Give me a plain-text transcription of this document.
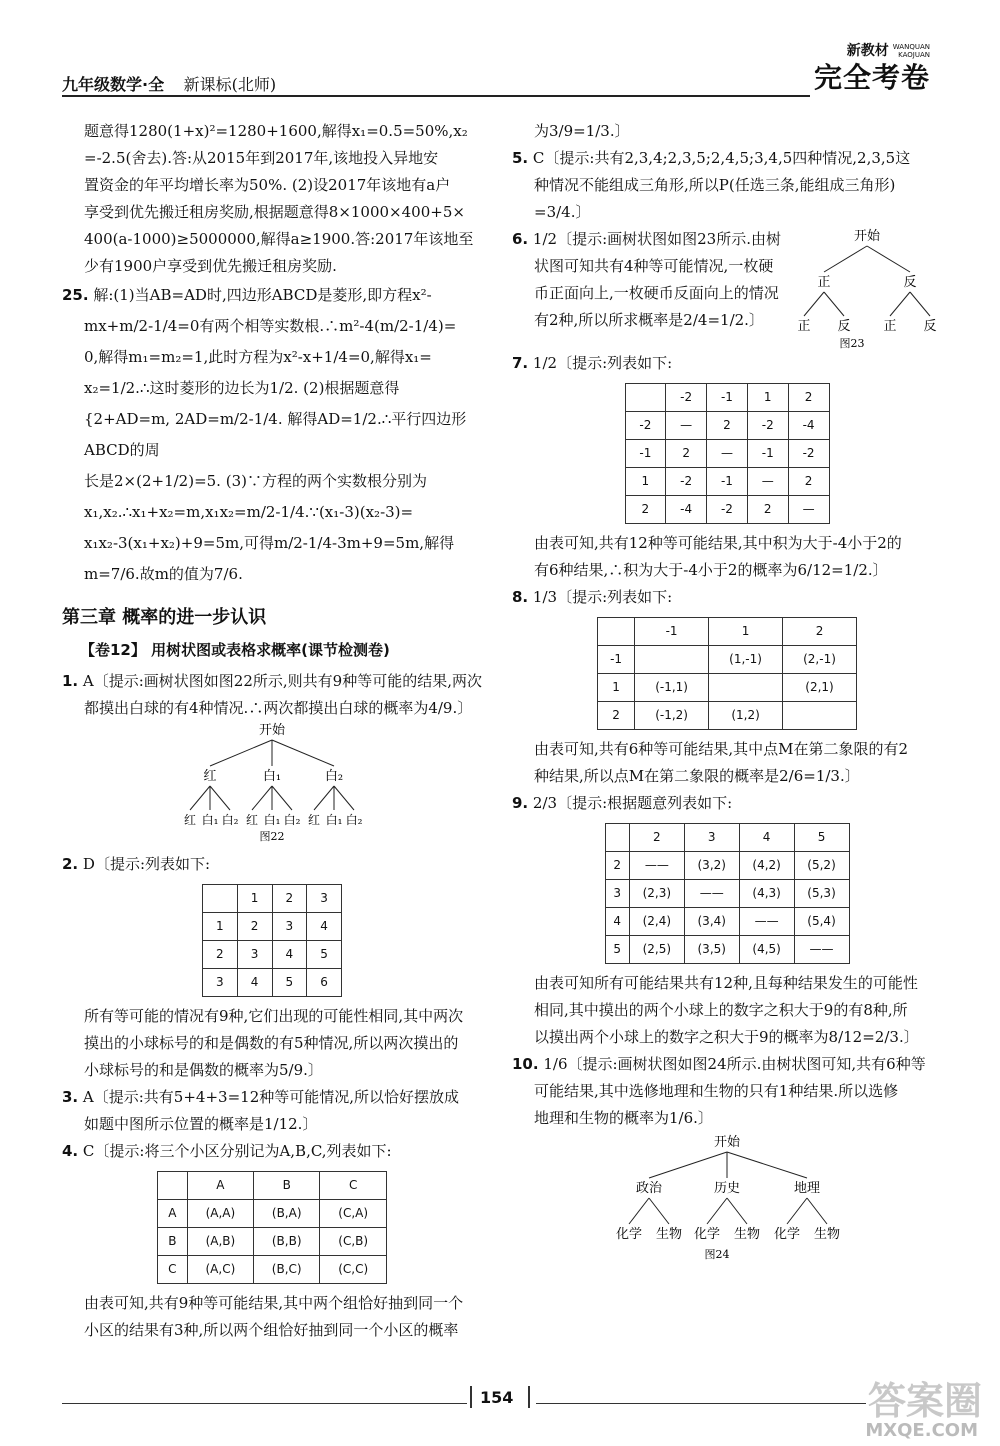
九年级数学·全 新课标(北师)
新教材 WANQUAN
KAOJUAN
完全考卷

题意得1280(1+x)²=1280+1600,解得x₁=0.5=50%,x₂

=-2.5(舍去).答:从2015年到2017年,该地投入异地安

置资金的年平均增长率为50%. (2)设2017年该地有a户

享受到优先搬迁租房奖励,根据题意得8×1000×400+5×

400(a-1000)≥5000000,解得a≥1900.答:2017年该地至

少有1900户享受到优先搬迁租房奖励.

25. 解:(1)当AB=AD时,四边形ABCD是菱形,即方程x²-

mx+m/2-1/4=0有两个相等实数根.∴m²-4(m/2-1/4)=

0,解得m₁=m₂=1,此时方程为x²-x+1/4=0,解得x₁=

x₂=1/2.∴这时菱形的边长为1/2. (2)根据题意得

{2+AD=m, 2AD=m/2-1/4. 解得AD=1/2.∴平行四边形ABCD的周

长是2×(2+1/2)=5. (3)∵方程的两个实数根分别为

x₁,x₂.∴x₁+x₂=m,x₁x₂=m/2-1/4.∵(x₁-3)(x₂-3)=

x₁x₂-3(x₁+x₂)+9=5m,可得m/2-1/4-3m+9=5m,解得

m=7/6.故m的值为7/6.

第三章 概率的进一步认识
【卷12】 用树状图或表格求概率(课节检测卷)

1. A〔提示:画树状图如图22所示,则共有9种等可能的结果,两次

都摸出白球的有4种情况.∴两次都摸出白球的概率为4/9.〕

开始
红	白₁	白₂
红 白₁ 白₂ 红 白₁ 白₂ 红 白₁ 白₂
图22

2. D〔提示:列表如下:

	1	2	3
1	2	3	4
2	3	4	5
3	4	5	6

所有等可能的情况有9种,它们出现的可能性相同,其中两次

摸出的小球标号的和是偶数的有5种情况,所以两次摸出的

小球标号的和是偶数的概率为5/9.〕

3. A〔提示:共有5+4+3=12种等可能情况,所以恰好摆放成

如题中图所示位置的概率是1/12.〕

4. C〔提示:将三个小区分别记为A,B,C,列表如下:

	A	B	C
A	(A,A)	(B,A)	(C,A)
B	(A,B)	(B,B)	(C,B)
C	(A,C)	(B,C)	(C,C)

由表可知,共有9种等可能结果,其中两个组恰好抽到同一个

小区的结果有3种,所以两个组恰好抽到同一个小区的概率

为3/9=1/3.〕

5. C〔提示:共有2,3,4;2,3,5;2,4,5;3,4,5四种情况,2,3,5这

种情况不能组成三角形,所以P(任选三条,能组成三角形)

=3/4.〕

6. 1/2〔提示:画树状图如图23所示.由树

状图可知共有4种等可能情况,一枚硬

币正面向上,一枚硬币反面向上的情况

有2种,所以所求概率是2/4=1/2.〕

开始
正	反
正 反	正 反
图23

7. 1/2〔提示:列表如下:

	-2	-1	1	2
-2	—	2	-2	-4
-1	2	—	-1	-2
1	-2	-1	—	2
2	-4	-2	2	—

由表可知,共有12种等可能结果,其中积为大于-4小于2的

有6种结果,∴积为大于-4小于2的概率为6/12=1/2.〕

8. 1/3〔提示:列表如下:

	-1	1	2
-1		(1,-1)	(2,-1)
1	(-1,1)		(2,1)
2	(-1,2)	(1,2)	

由表可知,共有6种等可能结果,其中点M在第二象限的有2

种结果,所以点M在第二象限的概率是2/6=1/3.〕

9. 2/3〔提示:根据题意列表如下:

	2	3	4	5
2	——	(3,2)	(4,2)	(5,2)
3	(2,3)	——	(4,3)	(5,3)
4	(2,4)	(3,4)	——	(5,4)
5	(2,5)	(3,5)	(4,5)	——

由表可知所有可能结果共有12种,且每种结果发生的可能性

相同,其中摸出的两个小球上的数字之积大于9的有8种,所

以摸出两个小球上的数字之积大于9的概率为8/12=2/3.〕

10. 1/6〔提示:画树状图如图24所示.由树状图可知,共有6种等

可能结果,其中选修地理和生物的只有1种结果.所以选修

地理和生物的概率为1/6.〕

开始
政治	历史	地理
化学 生物 化学 生物 化学 生物
图24
154	答案圈
MXQE.COM
